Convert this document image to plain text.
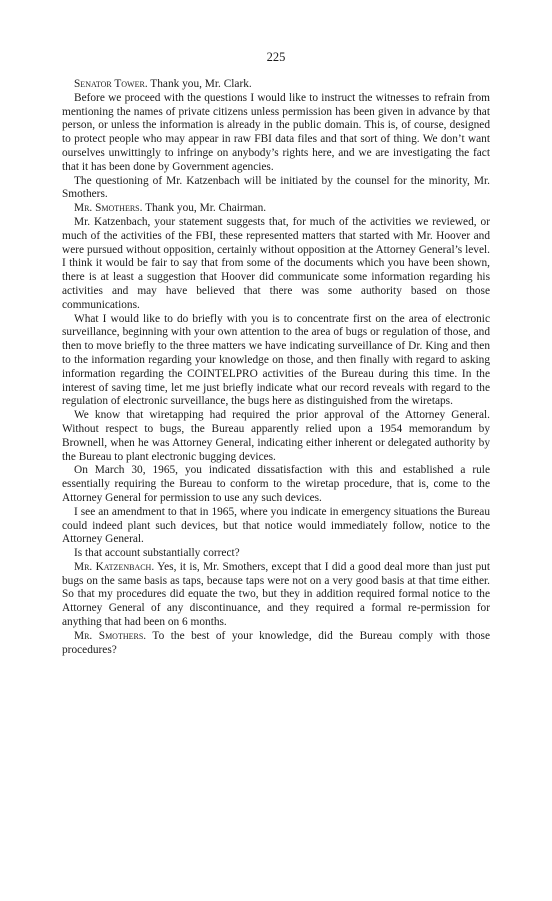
225

Senator Tower. Thank you, Mr. Clark.

Before we proceed with the questions I would like to instruct the witnesses to refrain from mentioning the names of private citizens unless permission has been given in advance by that person, or unless the information is already in the public domain. This is, of course, designed to protect people who may appear in raw FBI data files and that sort of thing. We don’t want ourselves unwittingly to infringe on anybody’s rights here, and we are investigating the fact that it has been done by Government agencies.

The questioning of Mr. Katzenbach will be initiated by the counsel for the minority, Mr. Smothers.

Mr. Smothers. Thank you, Mr. Chairman.

Mr. Katzenbach, your statement suggests that, for much of the activities we reviewed, or much of the activities of the FBI, these represented matters that started with Mr. Hoover and were pursued without opposition, certainly without opposition at the Attorney General’s level. I think it would be fair to say that from some of the documents which you have been shown, there is at least a suggestion that Hoover did communicate some information regarding his activities and may have believed that there was some authority based on those communications.

What I would like to do briefly with you is to concentrate first on the area of electronic surveillance, beginning with your own attention to the area of bugs or regulation of those, and then to move briefly to the three matters we have indicating surveillance of Dr. King and then to the information regarding your knowledge on those, and then finally with regard to asking information regarding the COINTELPRO activities of the Bureau during this time. In the interest of saving time, let me just briefly indicate what our record reveals with regard to the regulation of electronic surveillance, the bugs here as distinguished from the wiretaps.

We know that wiretapping had required the prior approval of the Attorney General. Without respect to bugs, the Bureau apparently relied upon a 1954 memorandum by Brownell, when he was Attorney General, indicating either inherent or delegated authority by the Bureau to plant electronic bugging devices.

On March 30, 1965, you indicated dissatisfaction with this and established a rule essentially requiring the Bureau to conform to the wiretap procedure, that is, come to the Attorney General for permission to use any such devices.

I see an amendment to that in 1965, where you indicate in emergency situations the Bureau could indeed plant such devices, but that notice would immediately follow, notice to the Attorney General.

Is that account substantially correct?

Mr. Katzenbach. Yes, it is, Mr. Smothers, except that I did a good deal more than just put bugs on the same basis as taps, because taps were not on a very good basis at that time either. So that my procedures did equate the two, but they in addition required formal notice to the Attorney General of any discontinuance, and they required a formal re-permission for anything that had been on 6 months.

Mr. Smothers. To the best of your knowledge, did the Bureau comply with those procedures?
